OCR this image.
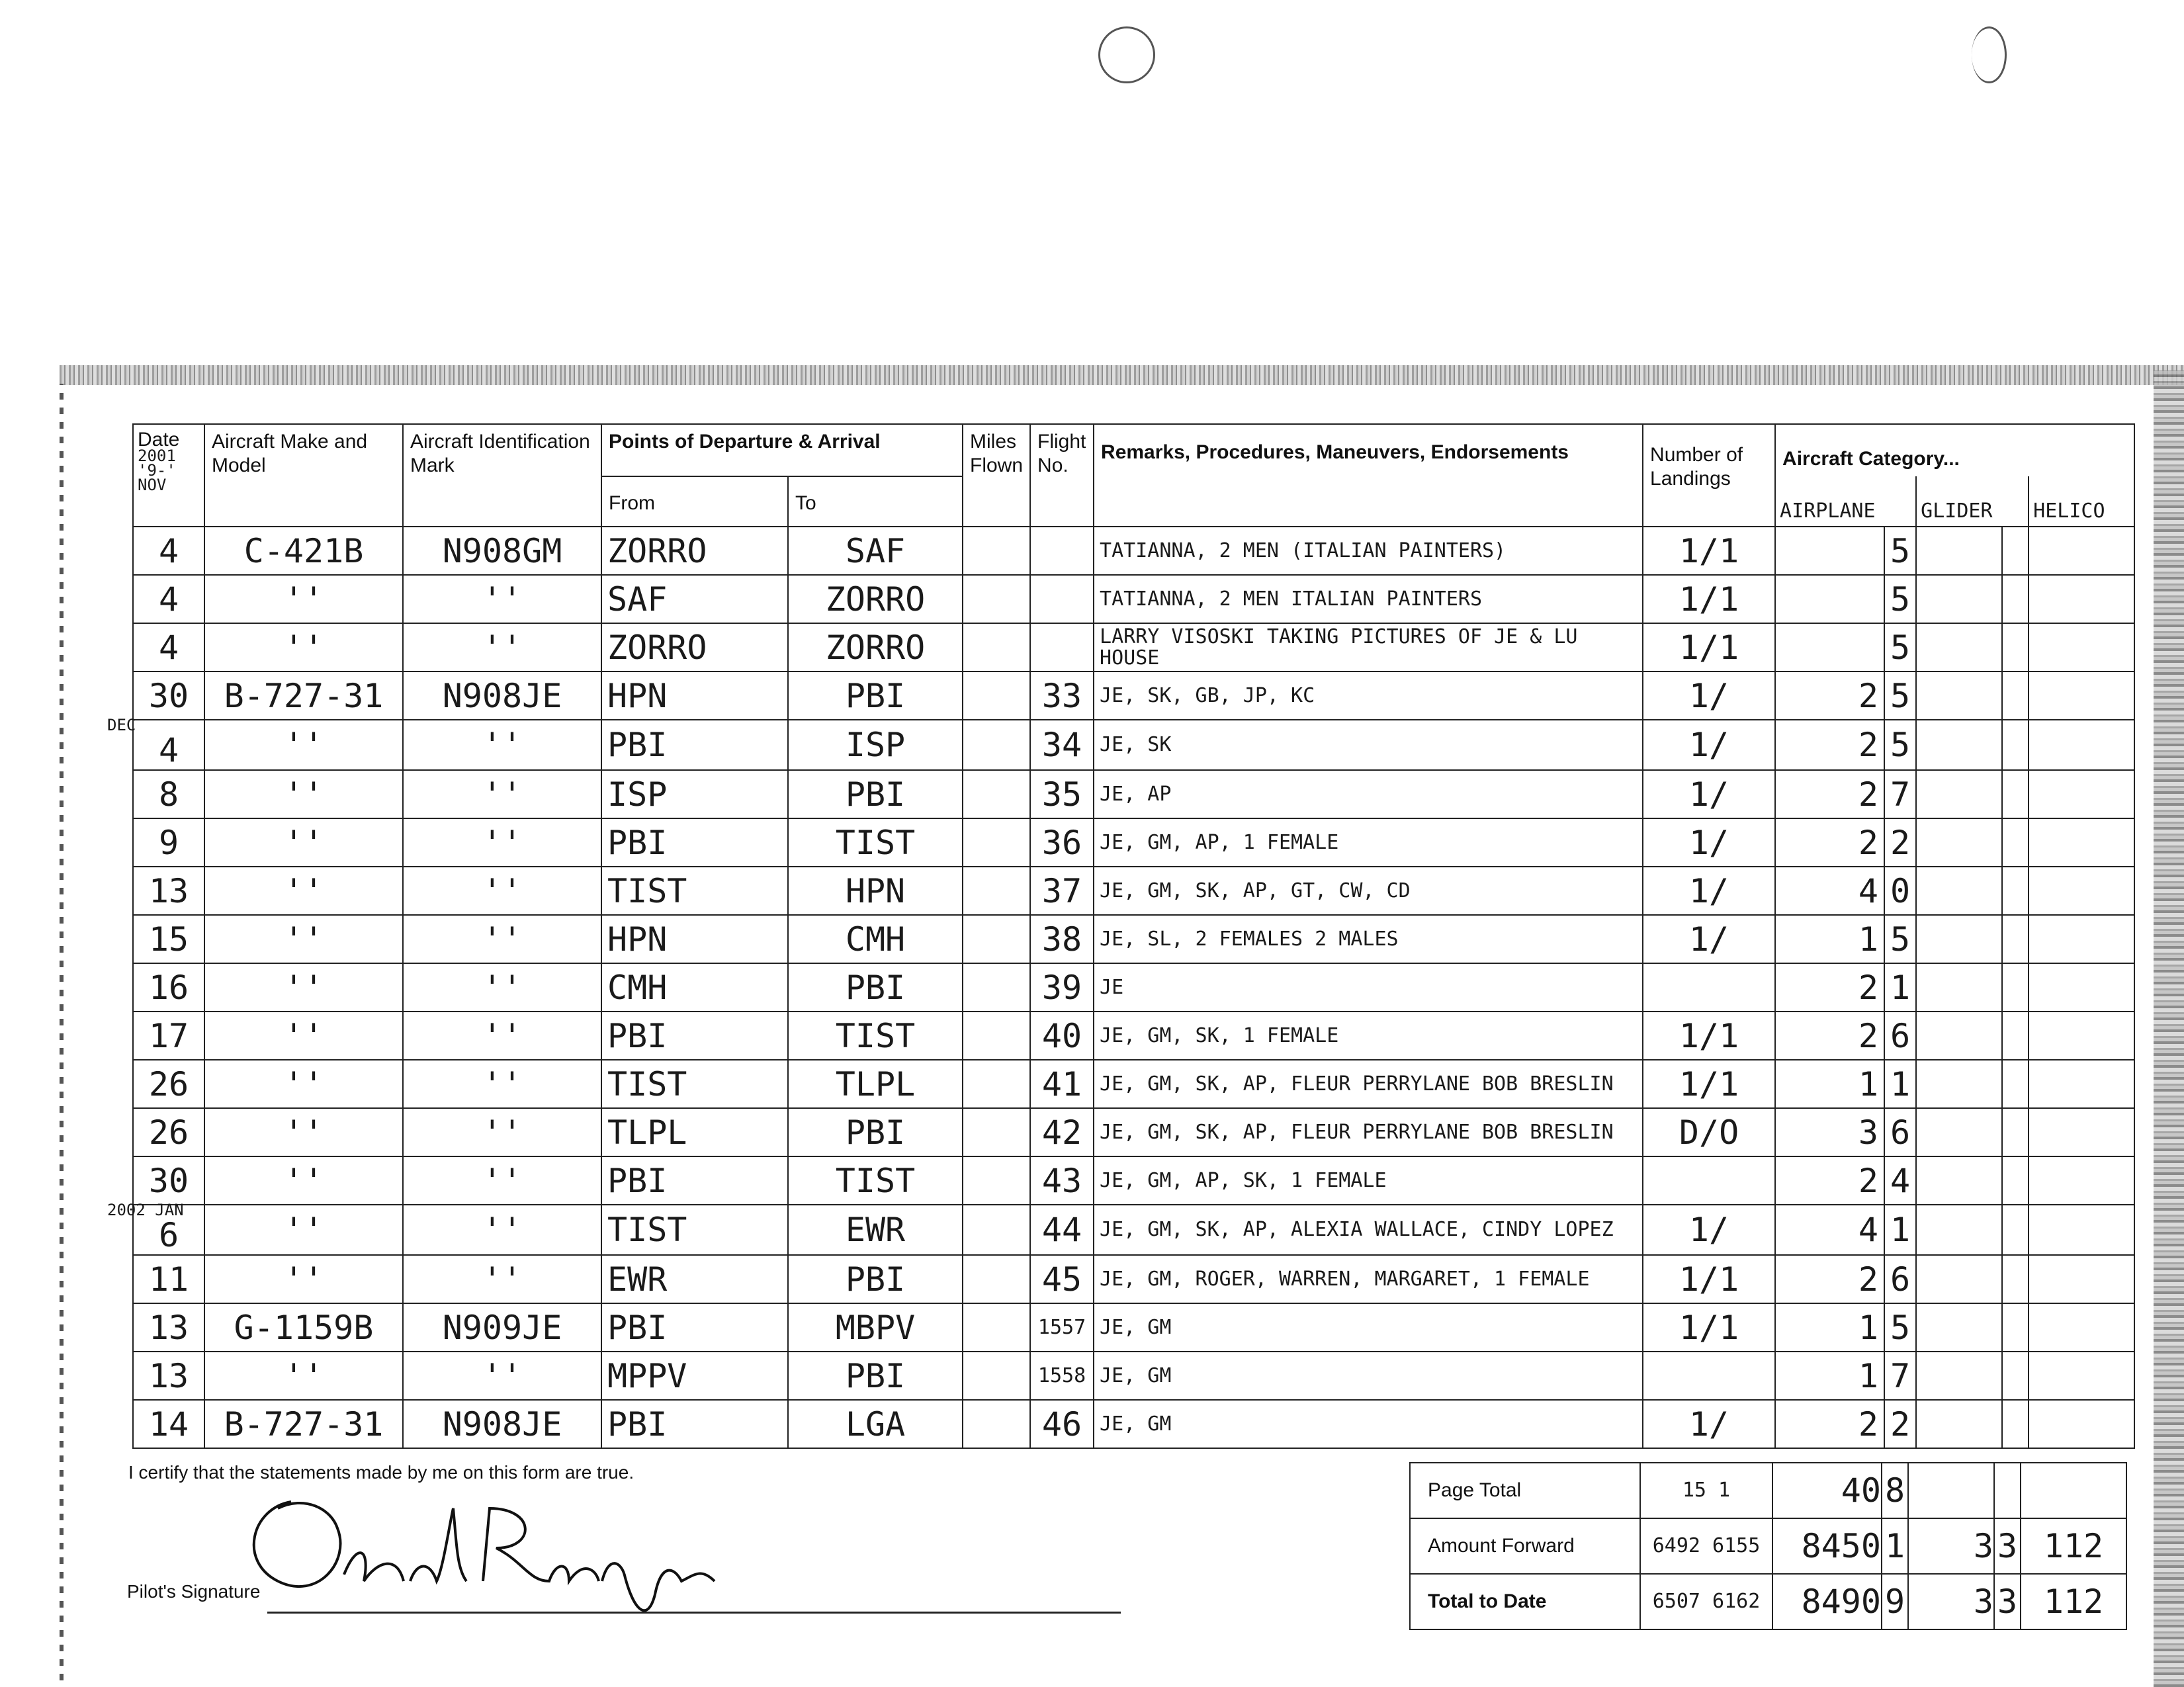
Date
2001
'9-'
NOV	Aircraft Make and Model	Aircraft Identification Mark	Points of Departure & Arrival		Miles Flown	Flight No.	Remarks, Procedures, Maneuvers, Endorsements	Number of Landings	Aircraft Category...				
			From	To					AIRPLANE		GLIDER		HELICO

4	C-421B	N908GM	ZORRO	SAF			TATIANNA, 2 MEN (ITALIAN PAINTERS)	1/1		5			

4	''	''	SAF	ZORRO			TATIANNA, 2 MEN ITALIAN PAINTERS	1/1		5			

4	''	''	ZORRO	ZORRO			LARRY VISOSKI TAKING PICTURES OF JE & LU HOUSE	1/1		5			

30	B-727-31	N908JE	HPN	PBI		33	JE, SK, GB, JP, KC	1/	2	5			

DEC
4	''	''	PBI	ISP		34	JE, SK	1/	2	5			

8	''	''	ISP	PBI		35	JE, AP	1/	2	7			

9	''	''	PBI	TIST		36	JE, GM, AP, 1 FEMALE	1/	2	2			

13	''	''	TIST	HPN		37	JE, GM, SK, AP, GT, CW, CD	1/	4	0			

15	''	''	HPN	CMH		38	JE, SL, 2 FEMALES 2 MALES	1/	1	5			

16	''	''	CMH	PBI		39	JE		2	1			

17	''	''	PBI	TIST		40	JE, GM, SK, 1 FEMALE	1/1	2	6			

26	''	''	TIST	TLPL		41	JE, GM, SK, AP, FLEUR PERRYLANE BOB BRESLIN	1/1	1	1			

26	''	''	TLPL	PBI		42	JE, GM, SK, AP, FLEUR PERRYLANE BOB BRESLIN	D/O	3	6			

30	''	''	PBI	TIST		43	JE, GM, AP, SK, 1 FEMALE		2	4			

2002 JAN
6	''	''	TIST	EWR		44	JE, GM, SK, AP, ALEXIA WALLACE, CINDY LOPEZ	1/	4	1			

11	''	''	EWR	PBI		45	JE, GM, ROGER, WARREN, MARGARET, 1 FEMALE	1/1	2	6			

13	G-1159B	N909JE	PBI	MBPV		1557	JE, GM	1/1	1	5			

13	''	''	MPPV	PBI		1558	JE, GM		1	7			

14	B-727-31	N908JE	PBI	LGA		46	JE, GM	1/	2	2			

I certify that the statements made by me on this form are true.
Pilot's Signature
Page Total	15 1	40	8			
Amount Forward	6492 6155	8450	1	3	3	112
Total to Date	6507 6162	8490	9	3	3	112
